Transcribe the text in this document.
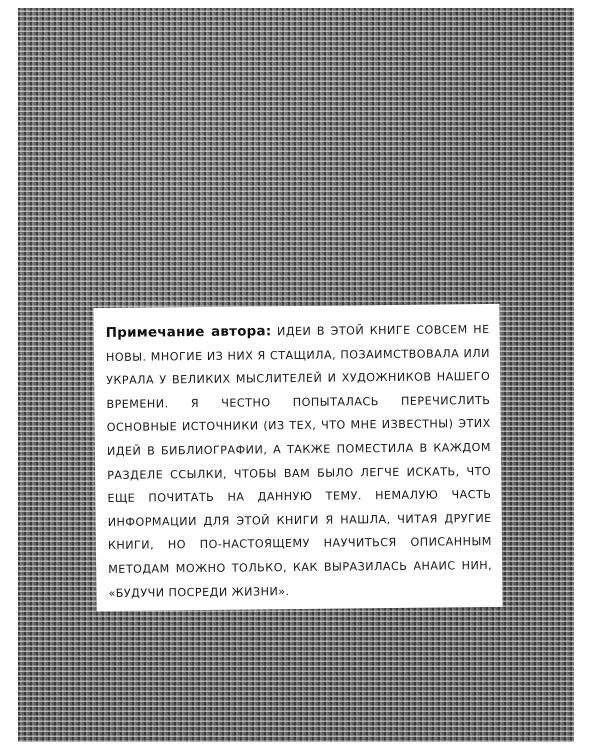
Примечание автора: ИДЕИ В ЭТОЙ КНИГЕ СОВСЕМ НЕ НОВЫ. МНОГИЕ ИЗ НИХ Я СТАЩИЛА, ПОЗАИМСТВОВАЛА ИЛИ УКРАЛА У ВЕЛИКИХ МЫСЛИТЕЛЕЙ И ХУДОЖНИКОВ НАШЕГО ВРЕМЕНИ. Я ЧЕСТНО ПОПЫТАЛАСЬ ПЕРЕЧИСЛИТЬ ОСНОВНЫЕ ИСТОЧНИКИ (ИЗ ТЕХ, ЧТО МНЕ ИЗВЕСТНЫ) ЭТИХ ИДЕЙ В БИБЛИОГРАФИИ, А ТАКЖЕ ПОМЕСТИЛА В КАЖДОМ РАЗДЕЛЕ ССЫЛКИ, ЧТОБЫ ВАМ БЫЛО ЛЕГЧЕ ИСКАТЬ, ЧТО ЕЩЕ ПОЧИТАТЬ НА ДАННУЮ ТЕМУ. НЕМАЛУЮ ЧАСТЬ ИНФОРМАЦИИ ДЛЯ ЭТОЙ КНИГИ Я НАШЛА, ЧИТАЯ ДРУГИЕ КНИГИ, НО ПО-НАСТОЯЩЕМУ НАУЧИТЬСЯ ОПИСАННЫМ МЕТОДАМ МОЖНО ТОЛЬКО, КАК ВЫРАЗИЛАСЬ АНАИС НИН, «БУДУЧИ ПОСРЕДИ ЖИЗНИ».
